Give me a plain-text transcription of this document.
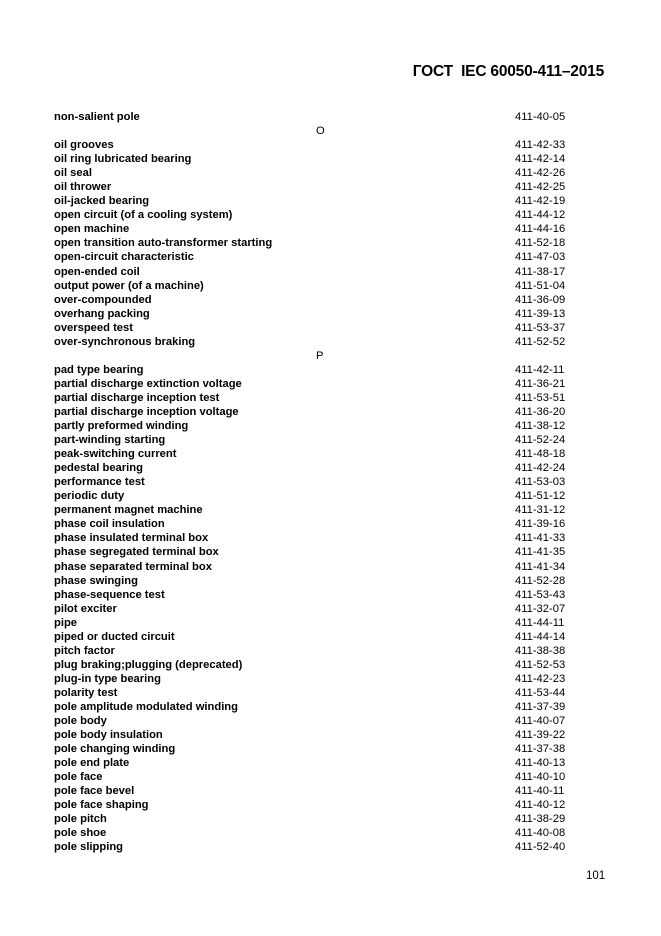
ГОСТ  IEC 60050-411–2015
non-salient pole	411-40-05
O
oil grooves	411-42-33
oil ring lubricated bearing	411-42-14
oil seal	411-42-26
oil thrower	411-42-25
oil-jacked bearing	411-42-19
open circuit (of a cooling system)	411-44-12
open machine	411-44-16
open transition auto-transformer starting	411-52-18
open-circuit characteristic	411-47-03
open-ended coil	411-38-17
output power (of a machine)	411-51-04
over-compounded	411-36-09
overhang packing	411-39-13
overspeed test	411-53-37
over-synchronous braking	411-52-52
P
pad type bearing	411-42-11
partial discharge extinction voltage	411-36-21
partial discharge inception test	411-53-51
partial discharge inception voltage	411-36-20
partly preformed winding	411-38-12
part-winding starting	411-52-24
peak-switching current	411-48-18
pedestal bearing	411-42-24
performance test	411-53-03
periodic duty	411-51-12
permanent magnet machine	411-31-12
phase coil insulation	411-39-16
phase insulated terminal box	411-41-33
phase segregated terminal box	411-41-35
phase separated terminal box	411-41-34
phase swinging	411-52-28
phase-sequence test	411-53-43
pilot exciter	411-32-07
pipe	411-44-11
piped or ducted circuit	411-44-14
pitch factor	411-38-38
plug braking;plugging (deprecated)	411-52-53
plug-in type bearing	411-42-23
polarity test	411-53-44
pole amplitude modulated winding	411-37-39
pole body	411-40-07
pole body insulation	411-39-22
pole changing winding	411-37-38
pole end plate	411-40-13
pole face	411-40-10
pole face bevel	411-40-11
pole face shaping	411-40-12
pole pitch	411-38-29
pole shoe	411-40-08
pole slipping	411-52-40
101
